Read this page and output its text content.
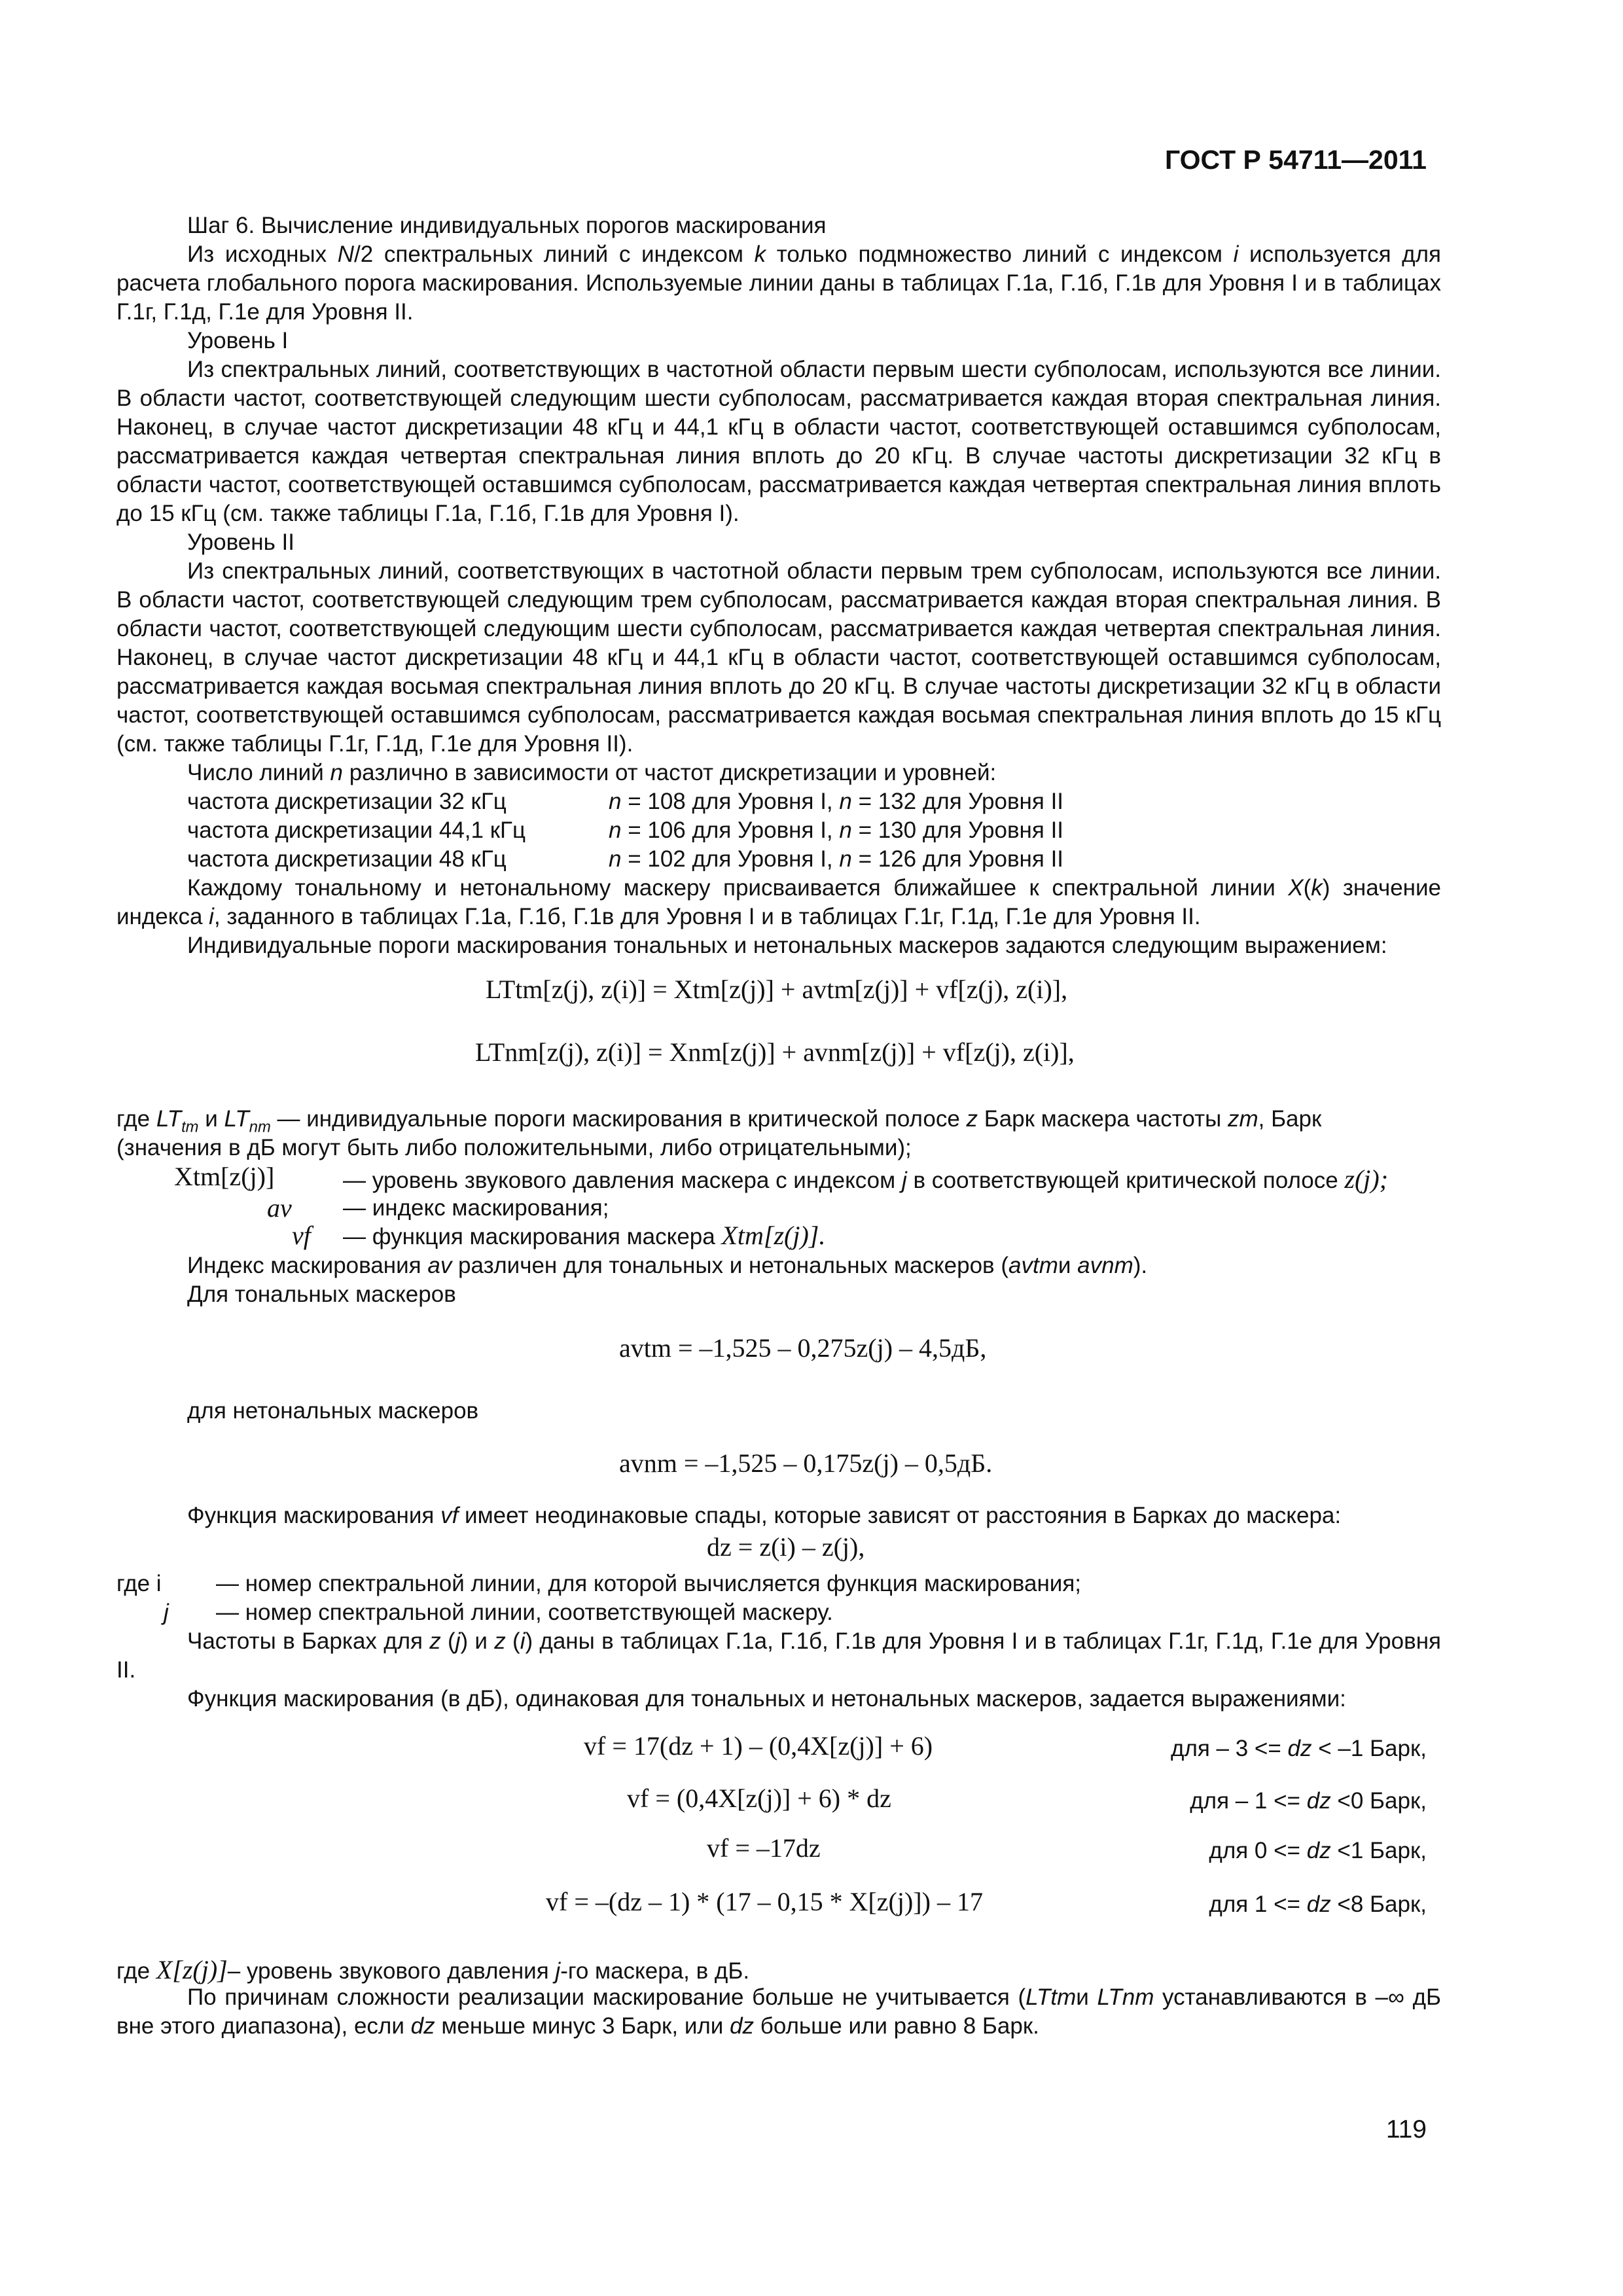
ГОСТ Р 54711—2011
Шаг 6. Вычисление индивидуальных порогов маскирования
Из исходных N/2 спектральных линий с индексом k только подмножество линий с индексом i используется для расчета глобального порога маскирования. Используемые линии даны в таблицах Г.1а, Г.1б, Г.1в для Уровня I и в таблицах Г.1г, Г.1д, Г.1е для Уровня II.
Уровень I
Из спектральных линий, соответствующих в частотной области первым шести субполосам, используются все линии. В области частот, соответствующей следующим шести субполосам, рассматривается каждая вторая спектральная линия. Наконец, в случае частот дискретизации 48 кГц и 44,1 кГц в области частот, соответствующей оставшимся субполосам, рассматривается каждая четвертая спектральная линия вплоть до 20 кГц. В случае частоты дискретизации 32 кГц в области частот, соответствующей оставшимся субполосам, рассматривается каждая четвертая спектральная линия вплоть до 15 кГц (см. также таблицы Г.1а, Г.1б, Г.1в для Уровня I).
Уровень II
Из спектральных линий, соответствующих в частотной области первым трем субполосам, используются все линии. В области частот, соответствующей следующим трем субполосам, рассматривается каждая вторая спектральная линия. В области частот, соответствующей следующим шести субполосам, рассматривается каждая четвертая спектральная линия. Наконец, в случае частот дискретизации 48 кГц и 44,1 кГц в области частот, соответствующей оставшимся субполосам, рассматривается каждая восьмая спектральная линия вплоть до 20 кГц. В случае частоты дискретизации 32 кГц в области частот, соответствующей оставшимся субполосам, рассматривается каждая восьмая спектральная линия вплоть до 15 кГц (см. также таблицы Г.1г, Г.1д, Г.1е для Уровня II).
Число линий n различно в зависимости от частот дискретизации и уровней:
частота дискретизации 32 кГц	n = 108 для Уровня I, n = 132 для Уровня II
частота дискретизации 44,1 кГц	n = 106 для Уровня I, n = 130 для Уровня II
частота дискретизации 48 кГц	n = 102 для Уровня I, n = 126 для Уровня II
Каждому тональному и нетональному маскеру присваивается ближайшее к спектральной линии X(k) значение индекса i, заданного в таблицах Г.1а, Г.1б, Г.1в для Уровня I и в таблицах Г.1г, Г.1д, Г.1е для Уровня II.
Индивидуальные пороги маскирования тональных и нетональных маскеров задаются следующим выражением:
LTtm[z(j), z(i)] = Xtm[z(j)] + avtm[z(j)] + vf[z(j), z(i)],
LTnm[z(j), z(i)] = Xnm[z(j)] + avnm[z(j)] + vf[z(j), z(i)],
где $LT_{tm}$ и $LT_{nm}$ — индивидуальные пороги маскирования в критической полосе z Барк маскера частоты zm, Барк
(значения в дБ могут быть либо положительными, либо отрицательными);
Xtm[z(j)]	— уровень звукового давления маскера с индексом j в соответствующей критической полосе z(j);
av — индекс маскирования;
vf — функция маскирования маскера Xtm[z(j)].
Индекс маскирования av различен для тональных и нетональных маскеров (avtmи avnm).
Для тональных маскеров
avtm = –1,525 – 0,275z(j) – 4,5дБ,
для нетональных маскеров
avnm = –1,525 – 0,175z(j) – 0,5дБ.
Функция маскирования vf имеет неодинаковые спады, которые зависят от расстояния в Барках до маскера:
dz = z(i) – z(j),
где i — номер спектральной линии, для которой вычисляется функция маскирования;
j — номер спектральной линии, соответствующей маскеру.
Частоты в Барках для z (j) и z (i) даны в таблицах Г.1а, Г.1б, Г.1в для Уровня I и в таблицах Г.1г, Г.1д, Г.1е для Уровня II.
Функция маскирования (в дБ), одинаковая для тональных и нетональных маскеров, задается выражениями:
vf = 17(dz + 1) – (0,4X[z(j)] + 6)	для – 3 <= dz < –1 Барк,
vf = (0,4X[z(j)] + 6) * dz	для – 1 <= dz <0 Барк,
vf = –17dz	для 0 <= dz <1 Барк,
vf = –(dz – 1) * (17 – 0,15 * X[z(j)]) – 17	для 1 <= dz <8 Барк,
где X[z(j)]– уровень звукового давления j-го маскера, в дБ.
По причинам сложности реализации маскирование больше не учитывается (LTtmи LTnm устанавливаются в –∞ дБ вне этого диапазона), если dz меньше минус 3 Барк, или dz больше или равно 8 Барк.
119
